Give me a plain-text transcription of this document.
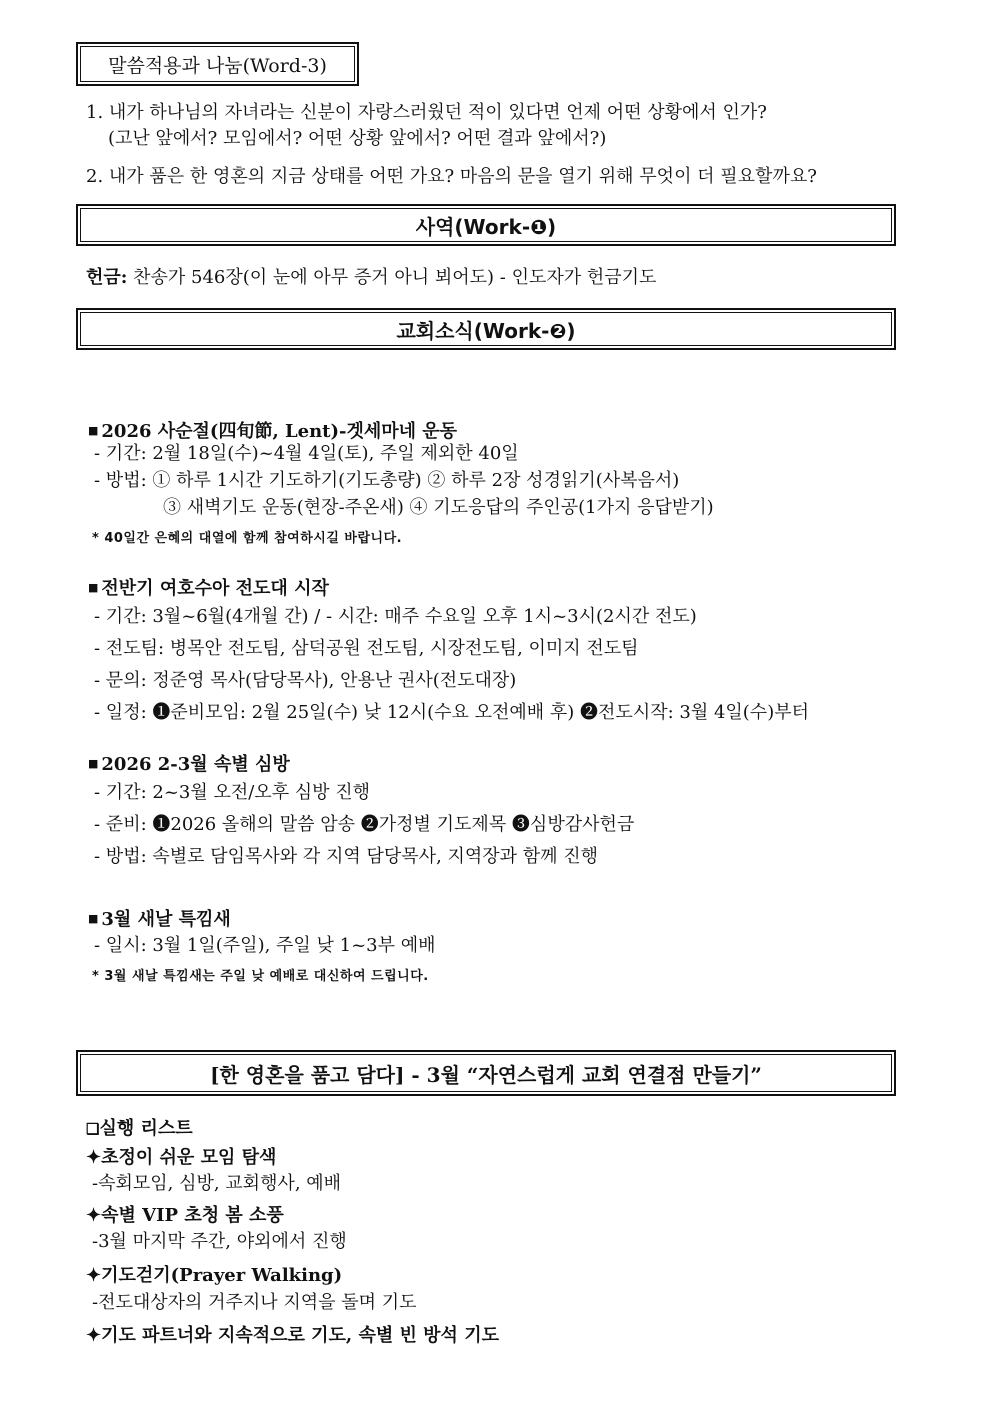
말씀적용과 나눔(Word-3)
1. 내가 하나님의 자녀라는 신분이 자랑스러웠던 적이 있다면 언제 어떤 상황에서 인가?
(고난 앞에서? 모임에서? 어떤 상황 앞에서? 어떤 결과 앞에서?)
2. 내가 품은 한 영혼의 지금 상태를 어떤 가요? 마음의 문을 열기 위해 무엇이 더 필요할까요?
사역(Work-❶)
헌금: 찬송가 546장(이 눈에 아무 증거 아니 뵈어도) - 인도자가 헌금기도
교회소식(Work-❷)
■ 2026 사순절(四旬節, Lent)-겟세마네 운동
- 기간: 2월 18일(수)~4월 4일(토), 주일 제외한 40일
- 방법: ① 하루 1시간 기도하기(기도총량) ② 하루 2장 성경읽기(사복음서)
③ 새벽기도 운동(현장-주온새) ④ 기도응답의 주인공(1가지 응답받기)
* 40일간 은혜의 대열에 함께 참여하시길 바랍니다.
■ 전반기 여호수아 전도대 시작
- 기간: 3월~6월(4개월 간) / - 시간: 매주 수요일 오후 1시~3시(2시간 전도)
- 전도팀: 병목안 전도팀, 삼덕공원 전도팀, 시장전도팀, 이미지 전도팀
- 문의: 정준영 목사(담당목사), 안용난 권사(전도대장)
- 일정: ❶준비모임: 2월 25일(수) 낮 12시(수요 오전예배 후) ❷전도시작: 3월 4일(수)부터
■ 2026 2-3월 속별 심방
- 기간: 2~3월 오전/오후 심방 진행
- 준비: ❶2026 올해의 말씀 암송 ❷가정별 기도제목 ❸심방감사헌금
- 방법: 속별로 담임목사와 각 지역 담당목사, 지역장과 함께 진행
■ 3월 새날 특낌새
- 일시: 3월 1일(주일), 주일 낮 1~3부 예배
* 3월 새날 특낌새는 주일 낮 예배로 대신하여 드립니다.
[한 영혼을 품고 담다] - 3월 “자연스럽게 교회 연결점 만들기”
❑실행 리스트
✦초정이 쉬운 모임 탐색
-속회모임, 심방, 교회행사, 예배
✦속별 VIP 초청 봄 소풍
-3월 마지막 주간, 야외에서 진행
✦기도걷기(Prayer Walking)
-전도대상자의 거주지나 지역을 돌며 기도
✦기도 파트너와 지속적으로 기도, 속별 빈 방석 기도
